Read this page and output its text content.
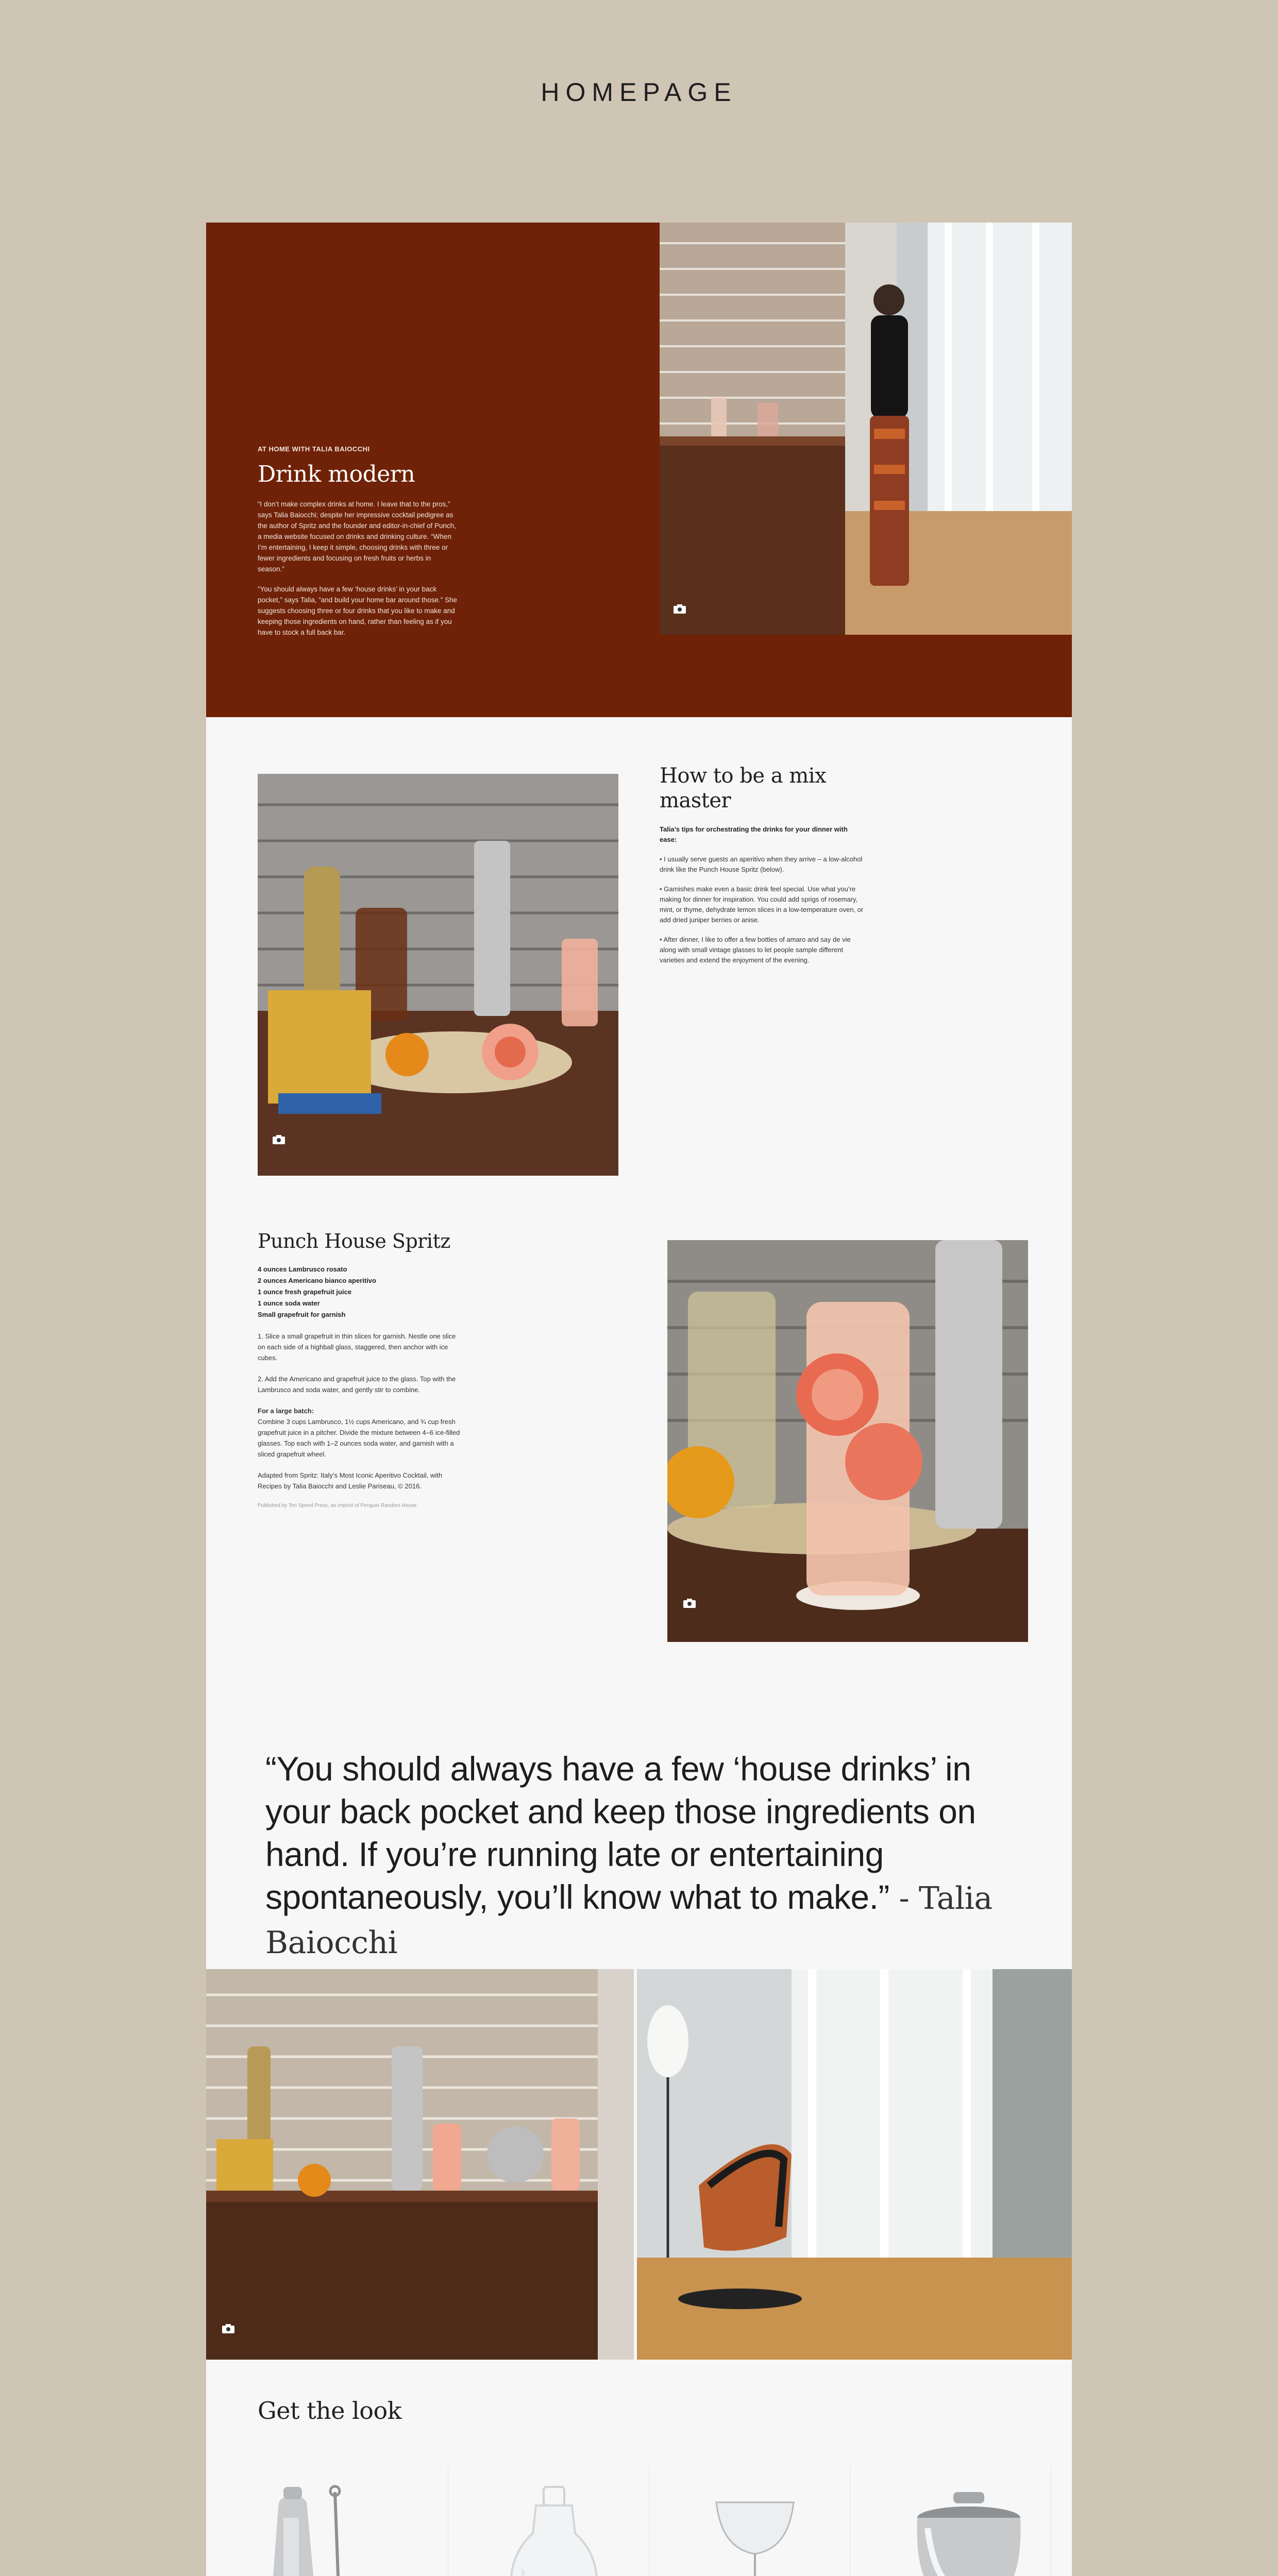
HOMEPAGE
AT HOME WITH TALIA BAIOCCHI
Drink modern

“I don’t make complex drinks at home. I leave that to the pros,” says Talia Baiocchi; despite her impressive cocktail pedigree as the author of Spritz and the founder and editor-in-chief of Punch, a media website focused on drinks and drinking culture. “When I’m entertaining, I keep it simple, choosing drinks with three or fewer ingredients and focusing on fresh fruits or herbs in season.”

“You should always have a few ‘house drinks’ in your back pocket,” says Talia, “and build your home bar around those.” She suggests choosing three or four drinks that you like to make and keeping those ingredients on hand, rather than feeling as if you have to stock a full back bar.

How to be a mix master

Talia’s tips for orchestrating the drinks for your dinner with ease:

• I usually serve guests an aperitivo when they arrive – a low-alcohol drink like the Punch House Spritz (below).

• Garnishes make even a basic drink feel special. Use what you’re making for dinner for inspiration. You could add sprigs of rosemary, mint, or thyme, dehydrate lemon slices in a low-temperature oven, or add dried juniper berries or anise.

• After dinner, I like to offer a few bottles of amaro and say de vie along with small vintage glasses to let people sample different varieties and extend the enjoyment of the evening.

Punch House Spritz
4 ounces Lambrusco rosato
2 ounces Americano bianco aperitivo
1 ounce fresh grapefruit juice
1 ounce soda water
Small grapefruit for garnish

1. Slice a small grapefruit in thin slices for garnish. Nestle one slice on each side of a highball glass, staggered, then anchor with ice cubes.

2. Add the Americano and grapefruit juice to the glass. Top with the Lambrusco and soda water, and gently stir to combine.

For a large batch:
Combine 3 cups Lambrusco, 1½ cups Americano, and ¾ cup fresh grapefruit juice in a pitcher. Divide the mixture between 4–6 ice-filled glasses. Top each with 1–2 ounces soda water, and garnish with a sliced grapefruit wheel.

Adapted from Spritz: Italy’s Most Iconic Aperitivo Cocktail, with Recipes by Talia Baiocchi and Leslie Pariseau, © 2016.

Published by Ten Speed Press, an imprint of Penguin Random House.

“You should always have a few ‘house drinks’ in your back pocket and keep those ingredients on hand. If you’re running late or entertaining spontaneously, you’ll know what to make.” - Talia Baiocchi
Get the look
